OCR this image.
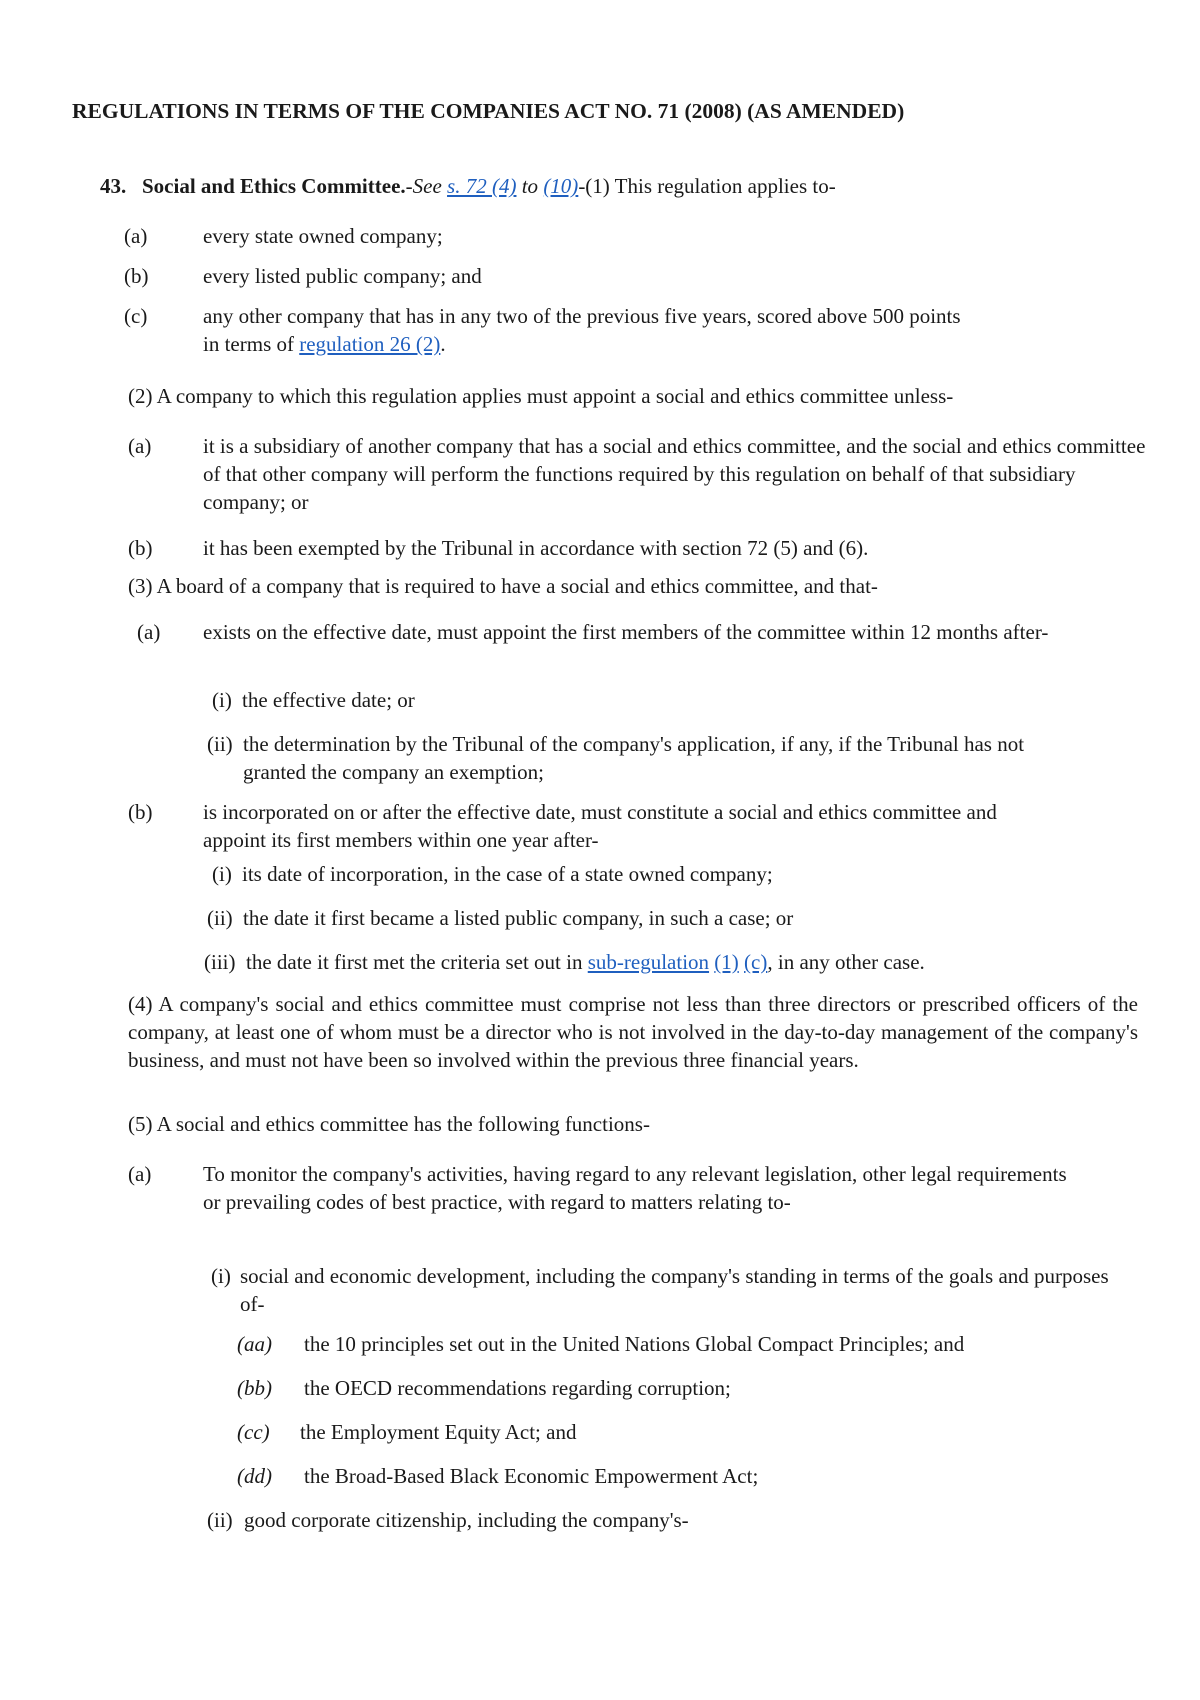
REGULATIONS IN TERMS OF THE COMPANIES ACT NO. 71 (2008) (AS AMENDED)
43. Social and Ethics Committee.-See s. 72 (4) to (10)-(1) This regulation applies to-
(a)	every state owned company;
(b)	every listed public company; and
(c)	any other company that has in any two of the previous five years, scored above 500 points
in terms of regulation 26 (2).
(2) A company to which this regulation applies must appoint a social and ethics committee unless-
(a) it is a subsidiary of another company that has a social and ethics committee, and the social and ethics committee of that other company will perform the functions required by this regulation on behalf of that subsidiary company; or
(b) it has been exempted by the Tribunal in accordance with section 72 (5) and (6).
(3) A board of a company that is required to have a social and ethics committee, and that-
(a)	exists on the effective date, must appoint the first members of the committee within 12 months after-
(i) the effective date; or
(ii) the determination by the Tribunal of the company's application, if any, if the Tribunal has not granted the company an exemption;
(b) is incorporated on or after the effective date, must constitute a social and ethics committee and appoint its first members within one year after-
(i) its date of incorporation, in the case of a state owned company;
(ii) the date it first became a listed public company, in such a case; or
(iii) the date it first met the criteria set out in sub-regulation (1) (c), in any other case.
(4) A company's social and ethics committee must comprise not less than three directors or prescribed officers of the company, at least one of whom must be a director who is not involved in the day-to-day management of the company's business, and must not have been so involved within the previous three financial years.
(5) A social and ethics committee has the following functions-
(a) To monitor the company's activities, having regard to any relevant legislation, other legal requirements or prevailing codes of best practice, with regard to matters relating to-
(i) social and economic development, including the company's standing in terms of the goals and purposes of-
(aa) the 10 principles set out in the United Nations Global Compact Principles; and
(bb) the OECD recommendations regarding corruption;
(cc) the Employment Equity Act; and
(dd) the Broad-Based Black Economic Empowerment Act;
(ii) good corporate citizenship, including the company's-
